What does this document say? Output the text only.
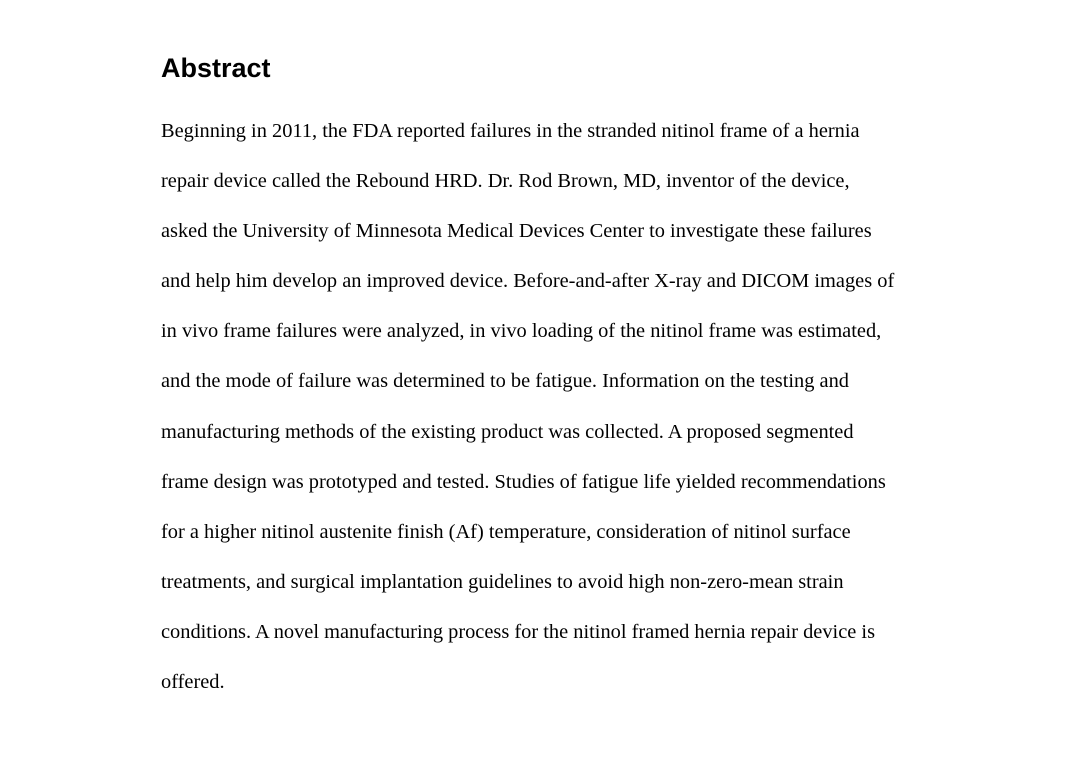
Abstract
Beginning in 2011, the FDA reported failures in the stranded nitinol frame of a hernia
repair device called the Rebound HRD. Dr. Rod Brown, MD, inventor of the device,
asked the University of Minnesota Medical Devices Center to investigate these failures
and help him develop an improved device. Before-and-after X-ray and DICOM images of
in vivo frame failures were analyzed, in vivo loading of the nitinol frame was estimated,
and the mode of failure was determined to be fatigue. Information on the testing and
manufacturing methods of the existing product was collected. A proposed segmented
frame design was prototyped and tested. Studies of fatigue life yielded recommendations
for a higher nitinol austenite finish (Af) temperature, consideration of nitinol surface
treatments, and surgical implantation guidelines to avoid high non-zero-mean strain
conditions. A novel manufacturing process for the nitinol framed hernia repair device is
offered.
